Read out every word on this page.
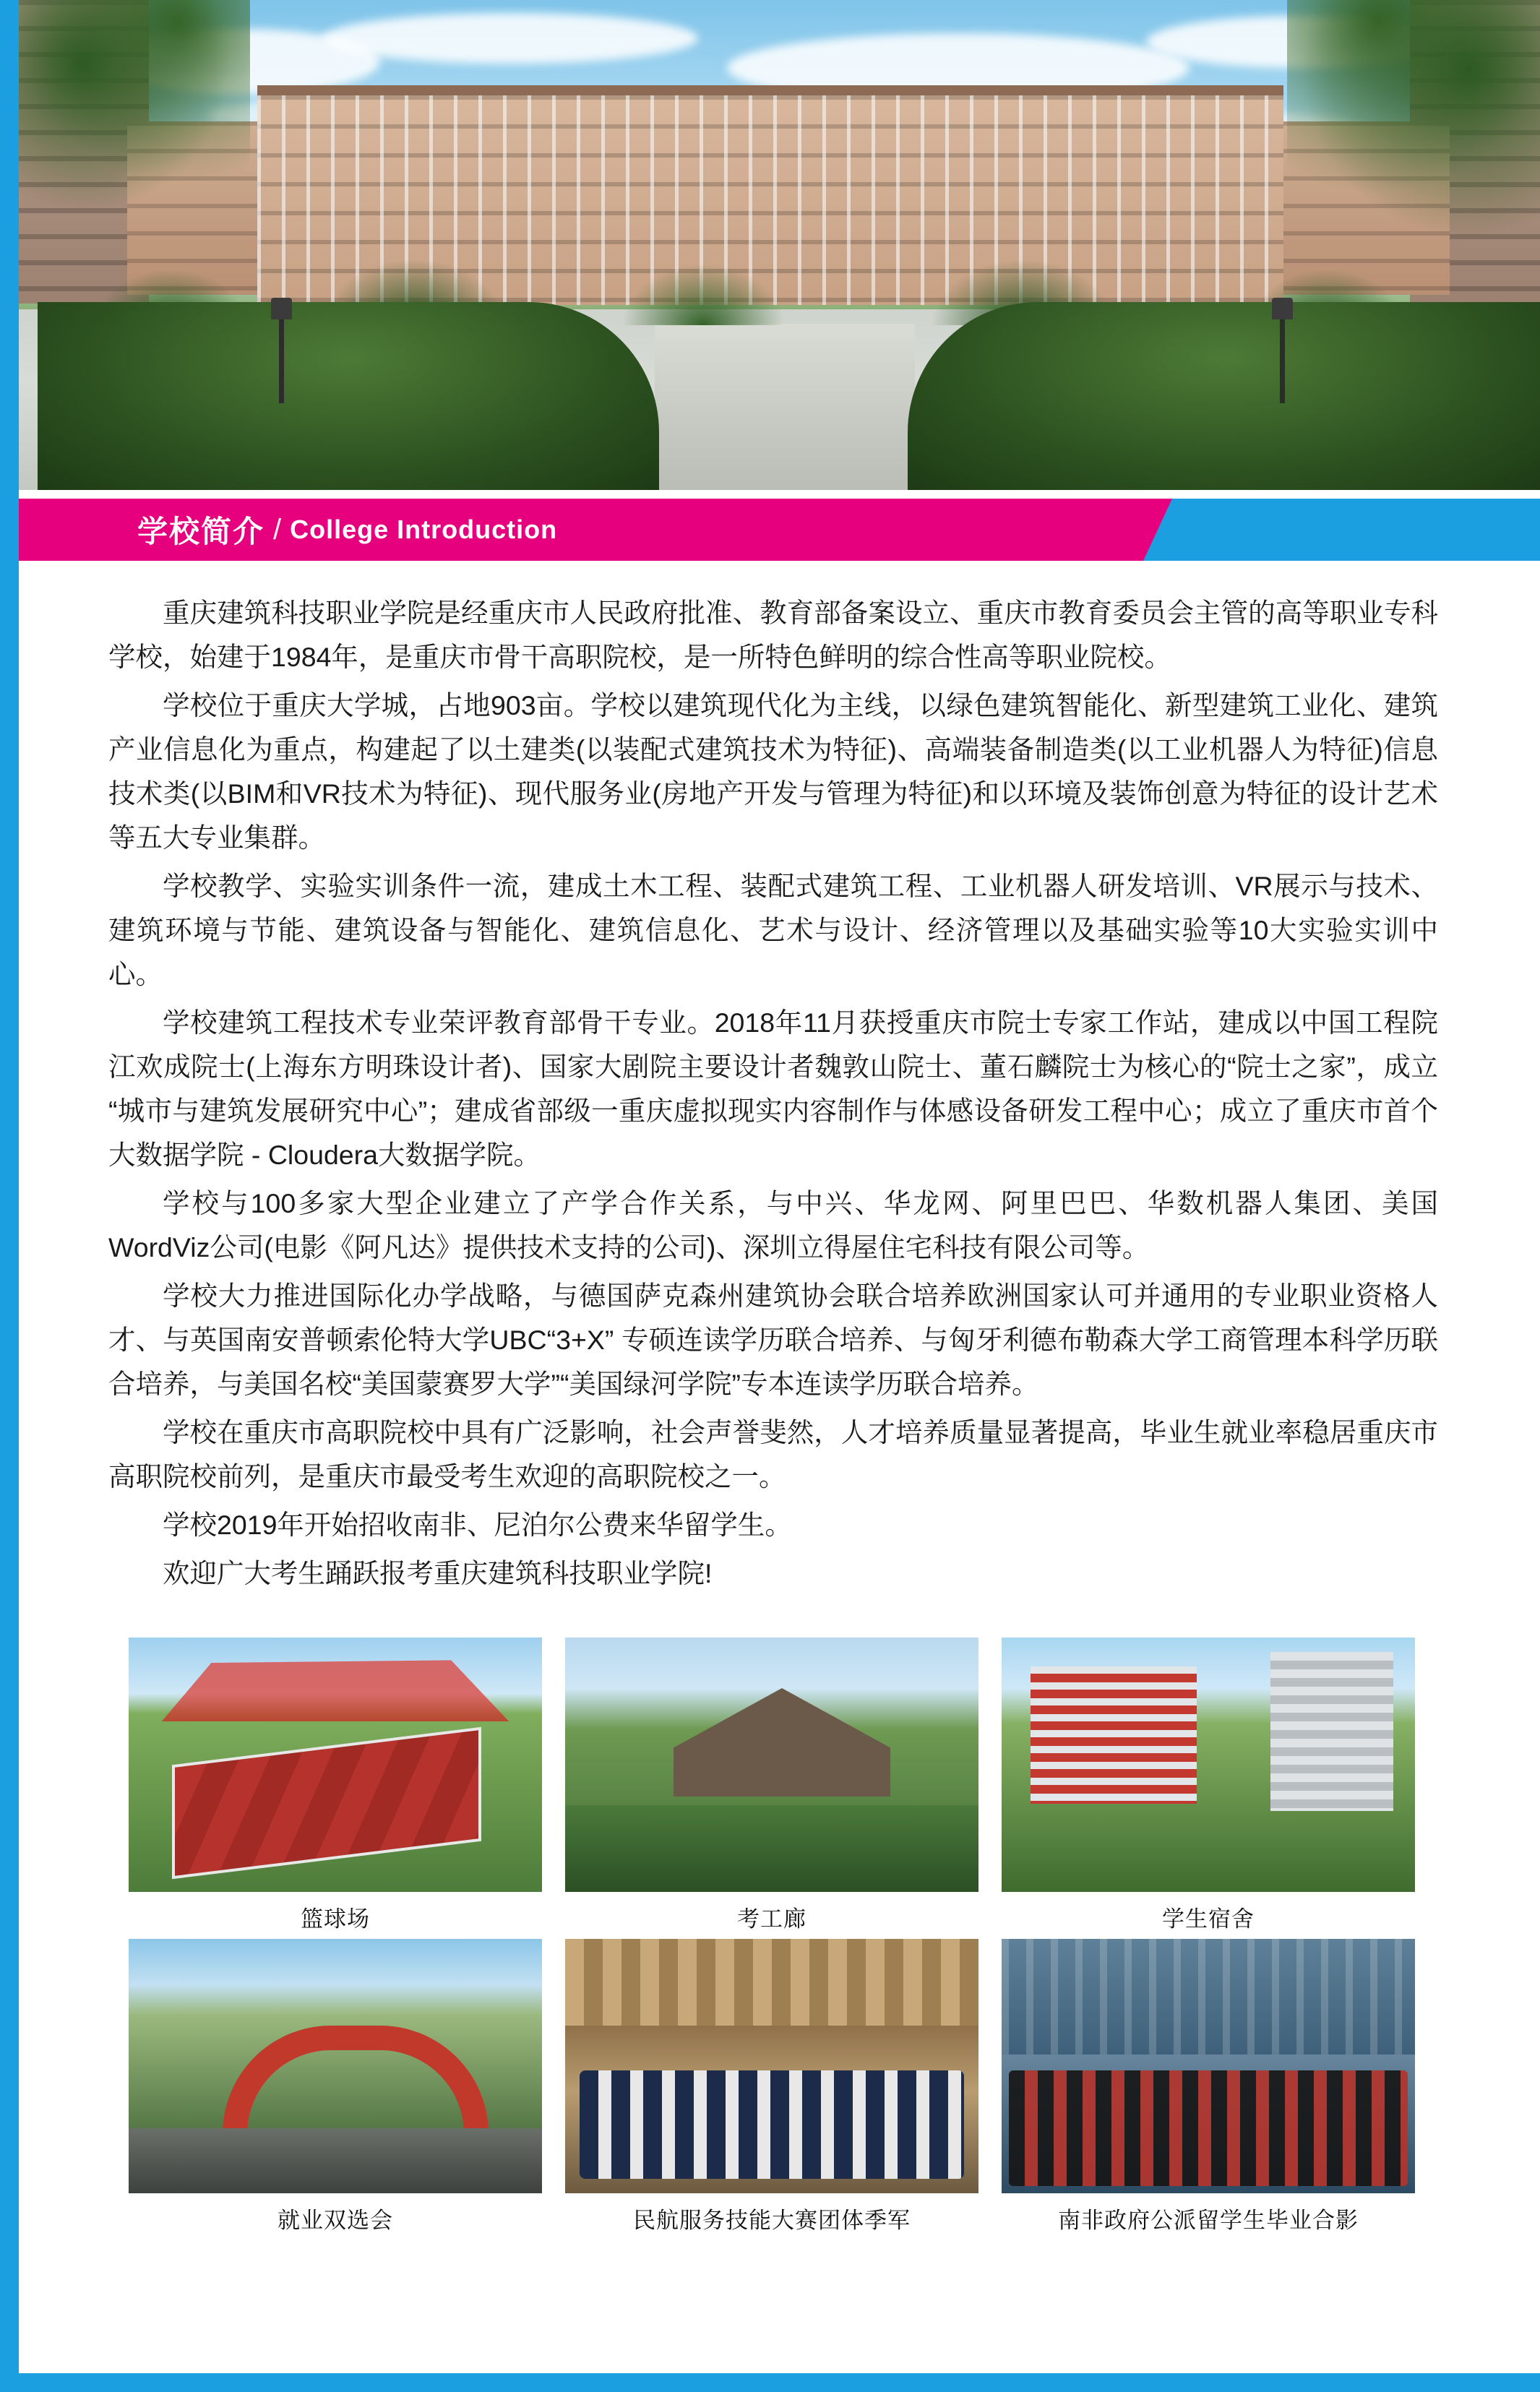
学校简介 / College Introduction

重庆建筑科技职业学院是经重庆市人民政府批准、教育部备案设立、重庆市教育委员会主管的高等职业专科学校，始建于1984年，是重庆市骨干高职院校，是一所特色鲜明的综合性高等职业院校。

学校位于重庆大学城，占地903亩。学校以建筑现代化为主线，以绿色建筑智能化、新型建筑工业化、建筑产业信息化为重点，构建起了以土建类(以装配式建筑技术为特征)、高端装备制造类(以工业机器人为特征)信息技术类(以BIM和VR技术为特征)、现代服务业(房地产开发与管理为特征)和以环境及装饰创意为特征的设计艺术等五大专业集群。

学校教学、实验实训条件一流，建成土木工程、装配式建筑工程、工业机器人研发培训、VR展示与技术、建筑环境与节能、建筑设备与智能化、建筑信息化、艺术与设计、经济管理以及基础实验等10大实验实训中心。

学校建筑工程技术专业荣评教育部骨干专业。2018年11月获授重庆市院士专家工作站，建成以中国工程院江欢成院士(上海东方明珠设计者)、国家大剧院主要设计者魏敦山院士、董石麟院士为核心的“院士之家”，成立“城市与建筑发展研究中心”；建成省部级一重庆虚拟现实内容制作与体感设备研发工程中心；成立了重庆市首个大数据学院 - Cloudera大数据学院。

学校与100多家大型企业建立了产学合作关系，与中兴、华龙网、阿里巴巴、华数机器人集团、美国WordViz公司(电影《阿凡达》提供技术支持的公司)、深圳立得屋住宅科技有限公司等。

学校大力推进国际化办学战略，与德国萨克森州建筑协会联合培养欧洲国家认可并通用的专业职业资格人才、与英国南安普顿索伦特大学UBC“3+X” 专硕连读学历联合培养、与匈牙利德布勒森大学工商管理本科学历联合培养，与美国名校“美国蒙赛罗大学”“美国绿河学院”专本连读学历联合培养。

学校在重庆市高职院校中具有广泛影响，社会声誉斐然，人才培养质量显著提高，毕业生就业率稳居重庆市高职院校前列，是重庆市最受考生欢迎的高职院校之一。

学校2019年开始招收南非、尼泊尔公费来华留学生。

欢迎广大考生踊跃报考重庆建筑科技职业学院!

篮球场	考工廊	学生宿舍
就业双选会	民航服务技能大赛团体季军	南非政府公派留学生毕业合影
